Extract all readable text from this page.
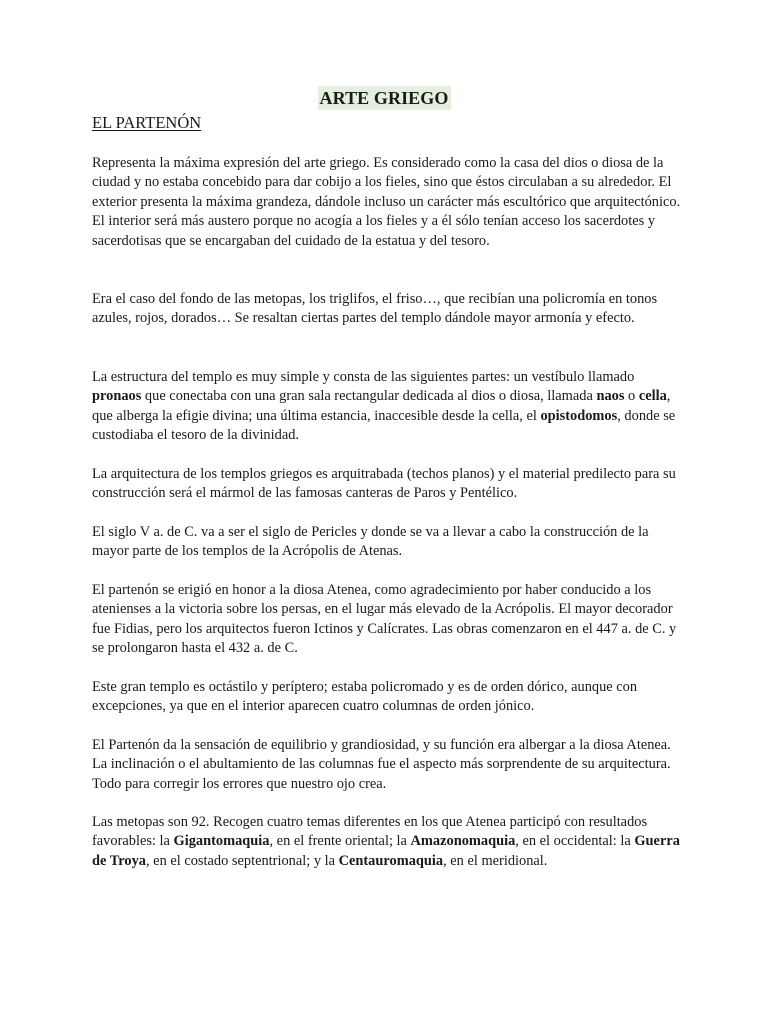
ARTE GRIEGO
EL PARTENÓN

Representa la máxima expresión del arte griego. Es considerado como la casa del dios o diosa de la ciudad y no estaba concebido para dar cobijo a los fieles, sino que éstos circulaban a su alrededor. El exterior presenta la máxima grandeza, dándole incluso un carácter más escultórico que arquitectónico. El interior será más austero porque no acogía a los fieles y a él sólo tenían acceso los sacerdotes y sacerdotisas que se encargaban del cuidado de la estatua y del tesoro.

Era el caso del fondo de las metopas, los triglifos, el friso…, que recibían una policromía en tonos azules, rojos, dorados… Se resaltan ciertas partes del templo dándole mayor armonía y efecto.

La estructura del templo es muy simple y consta de las siguientes partes: un vestíbulo llamado pronaos que conectaba con una gran sala rectangular dedicada al dios o diosa, llamada naos o cella, que alberga la efigie divina; una última estancia, inaccesible desde la cella, el opistodomos, donde se custodiaba el tesoro de la divinidad.

La arquitectura de los templos griegos es arquitrabada (techos planos) y el material predilecto para su construcción será el mármol de las famosas canteras de Paros y Pentélico.

El siglo V a. de C. va a ser el siglo de Pericles y donde se va a llevar a cabo la construcción de la mayor parte de los templos de la Acrópolis de Atenas.

El partenón se erigió en honor a la diosa Atenea, como agradecimiento por haber conducido a los atenienses a la victoria sobre los persas, en el lugar más elevado de la Acrópolis. El mayor decorador fue Fidias, pero los arquitectos fueron Ictinos y Calícrates. Las obras comenzaron en el 447 a. de C. y se prolongaron hasta el 432 a. de C.

Este gran templo es octástilo y períptero; estaba policromado y es de orden dórico, aunque con excepciones, ya que en el interior aparecen cuatro columnas de orden jónico.

El Partenón da la sensación de equilibrio y grandiosidad, y su función era albergar a la diosa Atenea. La inclinación o el abultamiento de las columnas fue el aspecto más sorprendente de su arquitectura. Todo para corregir los errores que nuestro ojo crea.

Las metopas son 92. Recogen cuatro temas diferentes en los que Atenea participó con resultados favorables: la Gigantomaquia, en el frente oriental; la Amazonomaquia, en el occidental: la Guerra de Troya, en el costado septentrional; y la Centauromaquia, en el meridional.
